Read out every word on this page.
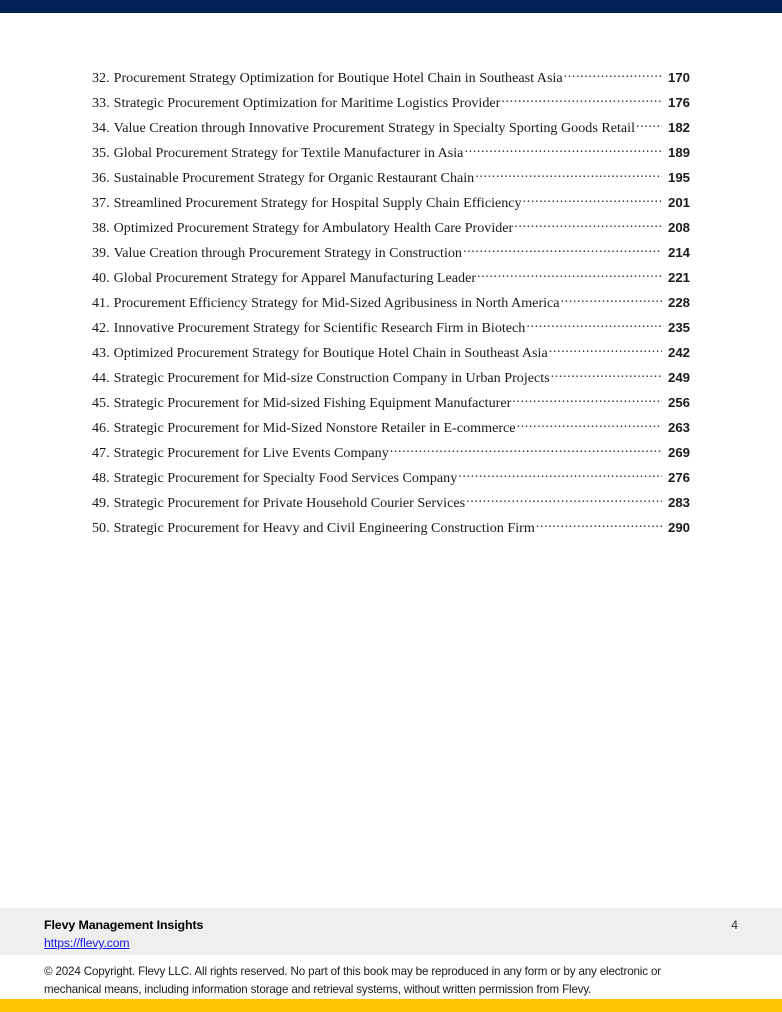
32. Procurement Strategy Optimization for Boutique Hotel Chain in Southeast Asia .....	170
33. Strategic Procurement Optimization for Maritime Logistics Provider .....	176
34. Value Creation through Innovative Procurement Strategy in Specialty Sporting Goods Retail .....	182
35. Global Procurement Strategy for Textile Manufacturer in Asia .....	189
36. Sustainable Procurement Strategy for Organic Restaurant Chain .....	195
37. Streamlined Procurement Strategy for Hospital Supply Chain Efficiency .....	201
38. Optimized Procurement Strategy for Ambulatory Health Care Provider .....	208
39. Value Creation through Procurement Strategy in Construction .....	214
40. Global Procurement Strategy for Apparel Manufacturing Leader .....	221
41. Procurement Efficiency Strategy for Mid-Sized Agribusiness in North America .....	228
42. Innovative Procurement Strategy for Scientific Research Firm in Biotech .....	235
43. Optimized Procurement Strategy for Boutique Hotel Chain in Southeast Asia .....	242
44. Strategic Procurement for Mid-size Construction Company in Urban Projects .....	249
45. Strategic Procurement for Mid-sized Fishing Equipment Manufacturer .....	256
46. Strategic Procurement for Mid-Sized Nonstore Retailer in E-commerce .....	263
47. Strategic Procurement for Live Events Company .....	269
48. Strategic Procurement for Specialty Food Services Company .....	276
49. Strategic Procurement for Private Household Courier Services .....	283
50. Strategic Procurement for Heavy and Civil Engineering Construction Firm .....	290
Flevy Management Insights
https://flevy.com
4
© 2024 Copyright. Flevy LLC. All rights reserved. No part of this book may be reproduced in any form or by any electronic or
mechanical means, including information storage and retrieval systems, without written permission from Flevy.
